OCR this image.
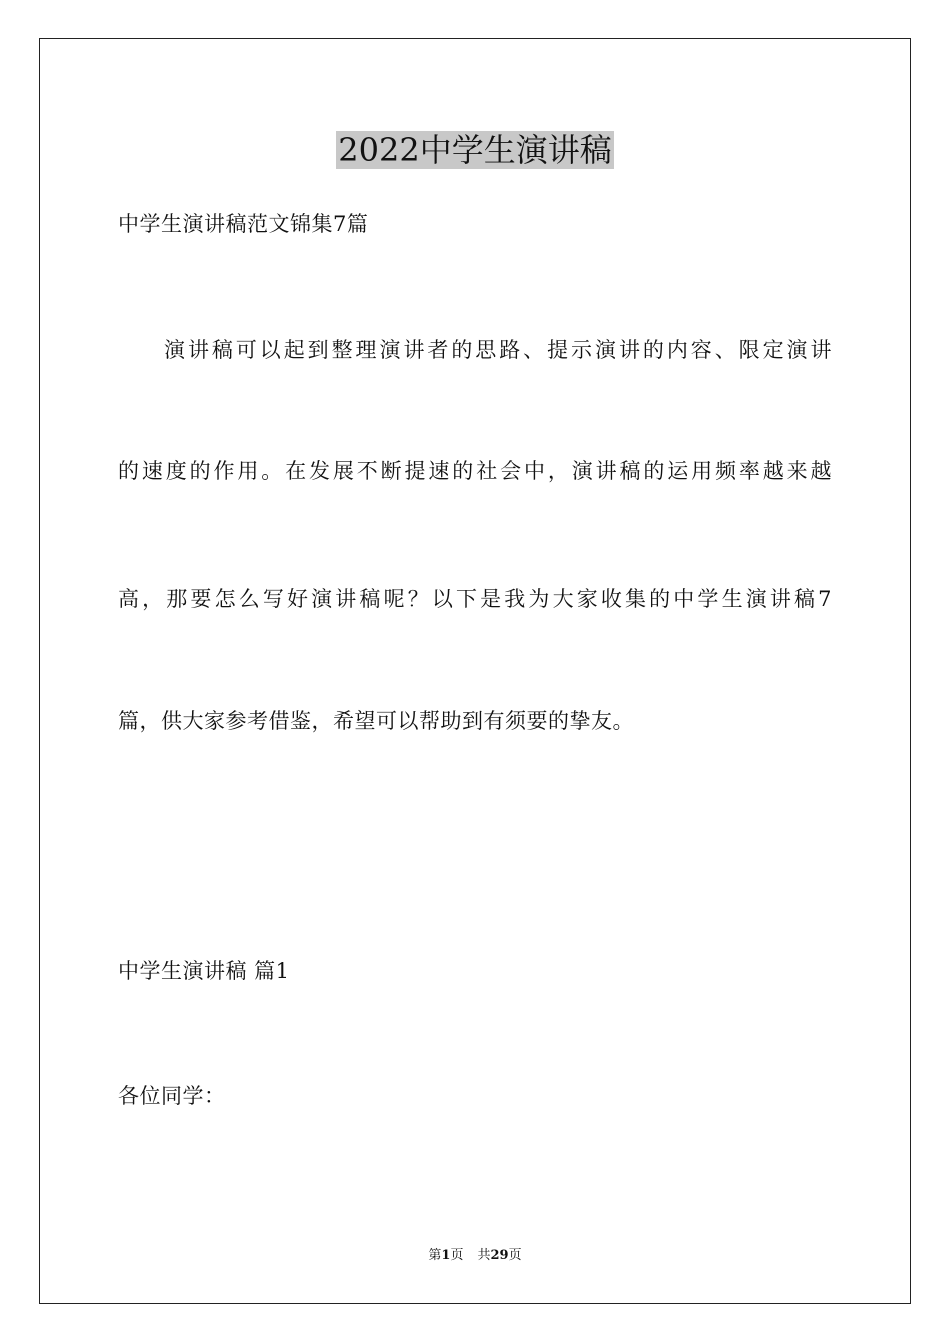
2022中学生演讲稿
中学生演讲稿范文锦集7篇
演讲稿可以起到整理演讲者的思路、提示演讲的内容、限定演讲
的速度的作用。在发展不断提速的社会中，演讲稿的运用频率越来越
高，那要怎么写好演讲稿呢？以下是我为大家收集的中学生演讲稿7
篇，供大家参考借鉴，希望可以帮助到有须要的挚友。
中学生演讲稿 篇1
各位同学：
第1页 共29页
